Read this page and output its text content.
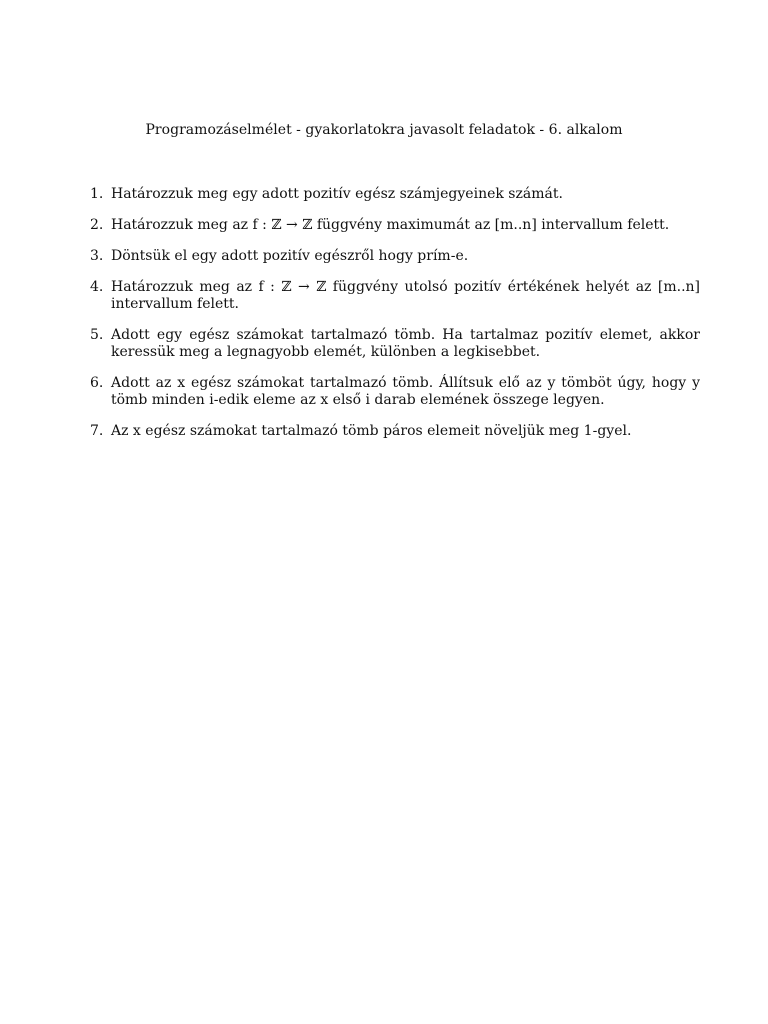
Programozáselmélet - gyakorlatokra javasolt feladatok - 6. alkalom
1. Határozzuk meg egy adott pozitív egész számjegyeinek számát.
2. Határozzuk meg az f : ℤ → ℤ függvény maximumát az [m..n] intervallum felett.
3. Döntsük el egy adott pozitív egészről hogy prím-e.
4. Határozzuk meg az f : ℤ → ℤ függvény utolsó pozitív értékének helyét az [m..n] intervallum felett.
5. Adott egy egész számokat tartalmazó tömb. Ha tartalmaz pozitív elemet, akkor keressük meg a legnagyobb elemét, különben a legkisebbet.
6. Adott az x egész számokat tartalmazó tömb. Állítsuk elő az y tömböt úgy, hogy y tömb minden i-edik eleme az x első i darab elemének összege legyen.
7. Az x egész számokat tartalmazó tömb páros elemeit növeljük meg 1-gyel.
